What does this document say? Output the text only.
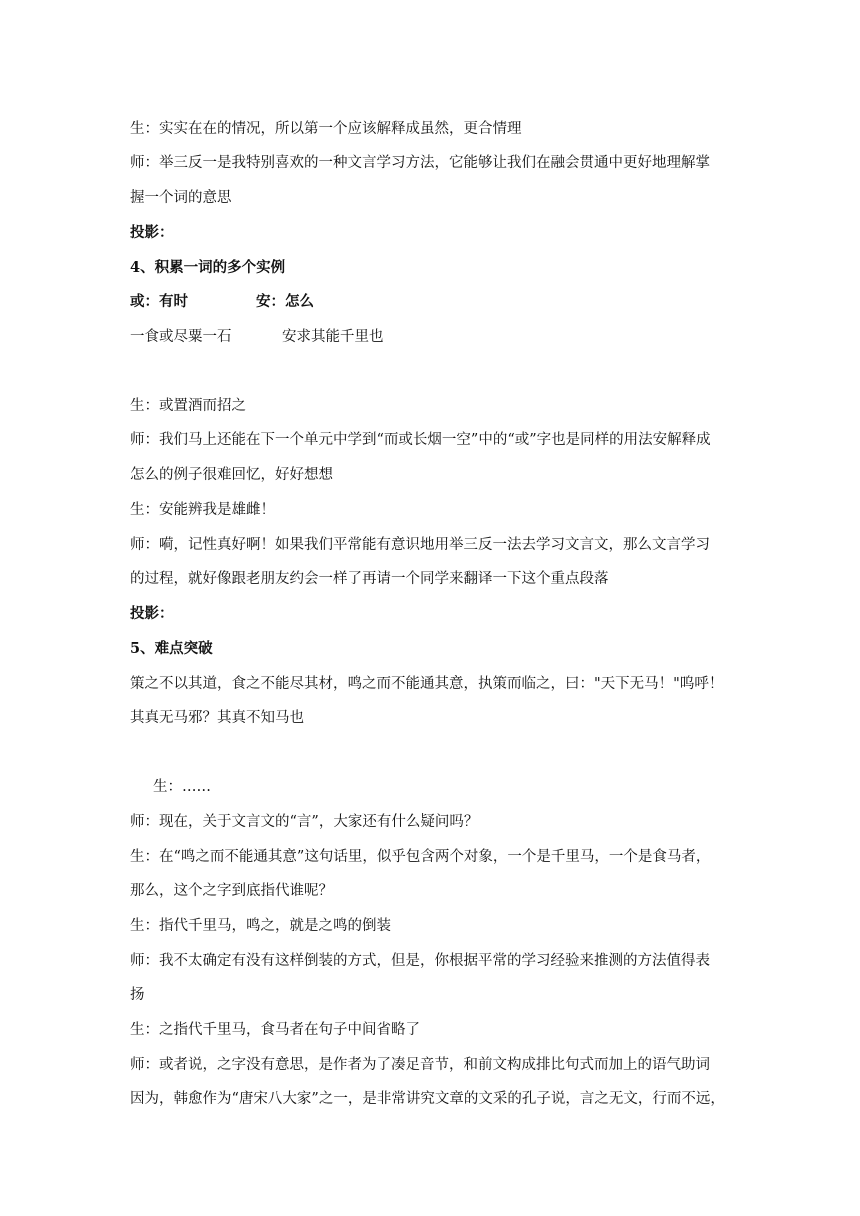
生：实实在在的情况，所以第一个应该解释成虽然，更合情理
师：举三反一是我特别喜欢的一种文言学习方法，它能够让我们在融会贯通中更好地理解掌
握一个词的意思
投影：
4、积累一词的多个实例
或：有时	安：怎么
一食或尽粟一石	安求其能千里也
生：或置酒而招之
师：我们马上还能在下一个单元中学到“而或长烟一空”中的“或”字也是同样的用法安解释成
怎么的例子很难回忆，好好想想
生：安能辨我是雄雌！
师：嗬，记性真好啊！如果我们平常能有意识地用举三反一法去学习文言文，那么文言学习
的过程，就好像跟老朋友约会一样了再请一个同学来翻译一下这个重点段落
投影：
5、难点突破
策之不以其道，食之不能尽其材，鸣之而不能通其意，执策而临之，曰："天下无马！"呜呼！
其真无马邪？其真不知马也
生：……
师：现在，关于文言文的“言”，大家还有什么疑问吗？
生：在“鸣之而不能通其意”这句话里，似乎包含两个对象，一个是千里马，一个是食马者，
那么，这个之字到底指代谁呢？
生：指代千里马，鸣之，就是之鸣的倒装
师：我不太确定有没有这样倒装的方式，但是，你根据平常的学习经验来推测的方法值得表
扬
生：之指代千里马，食马者在句子中间省略了
师：或者说，之字没有意思，是作者为了凑足音节，和前文构成排比句式而加上的语气助词
因为，韩愈作为“唐宋八大家”之一，是非常讲究文章的文采的孔子说，言之无文，行而不远，
